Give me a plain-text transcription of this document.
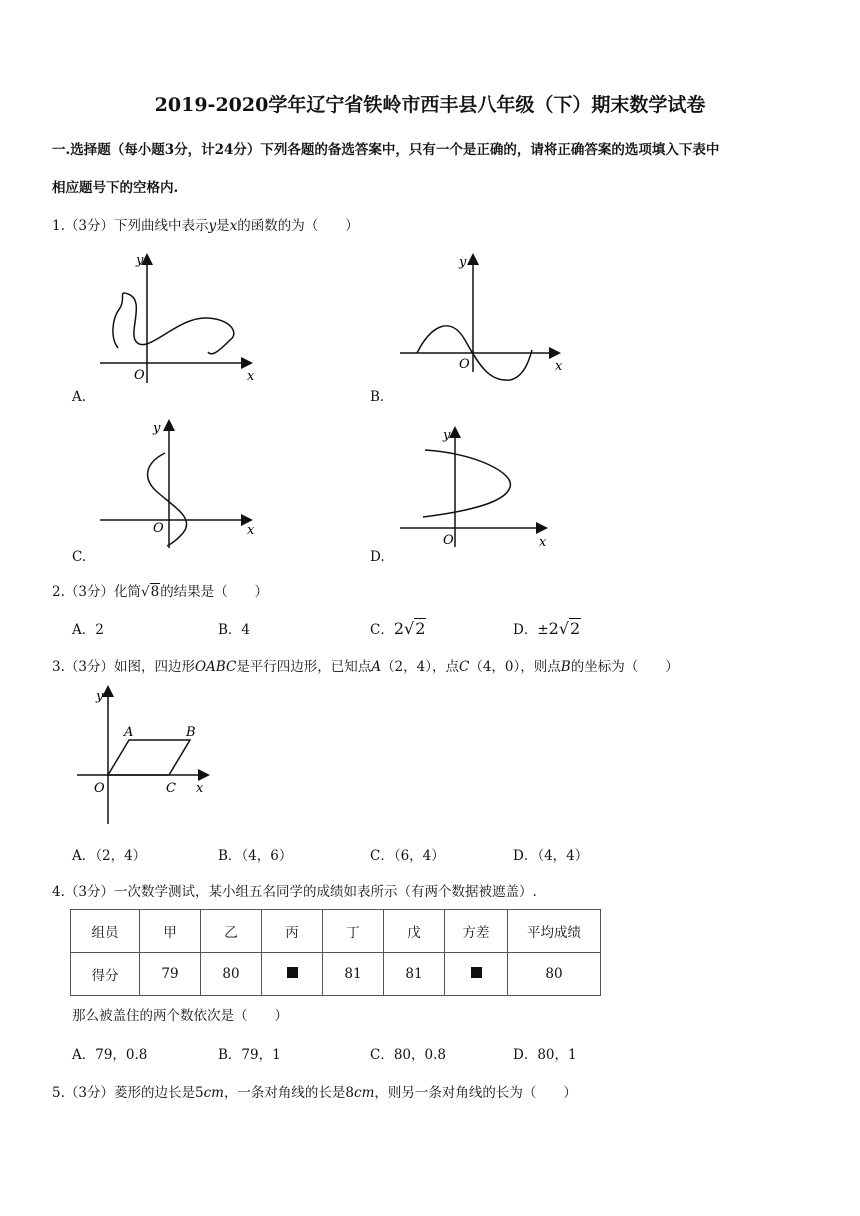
2019-2020学年辽宁省铁岭市西丰县八年级（下）期末数学试卷
一.选择题（每小题3分，计24分）下列各题的备选答案中，只有一个是正确的，请将正确答案的选项填入下表中
相应题号下的空格内.
1.（3分）下列曲线中表示y是x的函数的为（　　）
y
x
O
A.
y
x
O
B.
y
x
O
C.
y
x
O
D.
2.（3分）化简√8的结果是（　　）
A．2	B．4	C．2√2	D．±2√2
3.（3分）如图，四边形OABC是平行四边形，已知点A（2，4），点C（4，0），则点B的坐标为（　　）
y
x
O
A	B
C
A．（2，4）	B．（4，6）	C．（6，4）	D．（4，4）
4.（3分）一次数学测试，某小组五名同学的成绩如表所示（有两个数据被遮盖）.
组员	甲	乙	丙	丁	戊	方差	平均成绩
得分	79	80		81	81		80
那么被盖住的两个数依次是（　　）
A．79，0.8	B．79，1	C．80，0.8	D．80，1
5.（3分）菱形的边长是5cm，一条对角线的长是8cm，则另一条对角线的长为（　　）
